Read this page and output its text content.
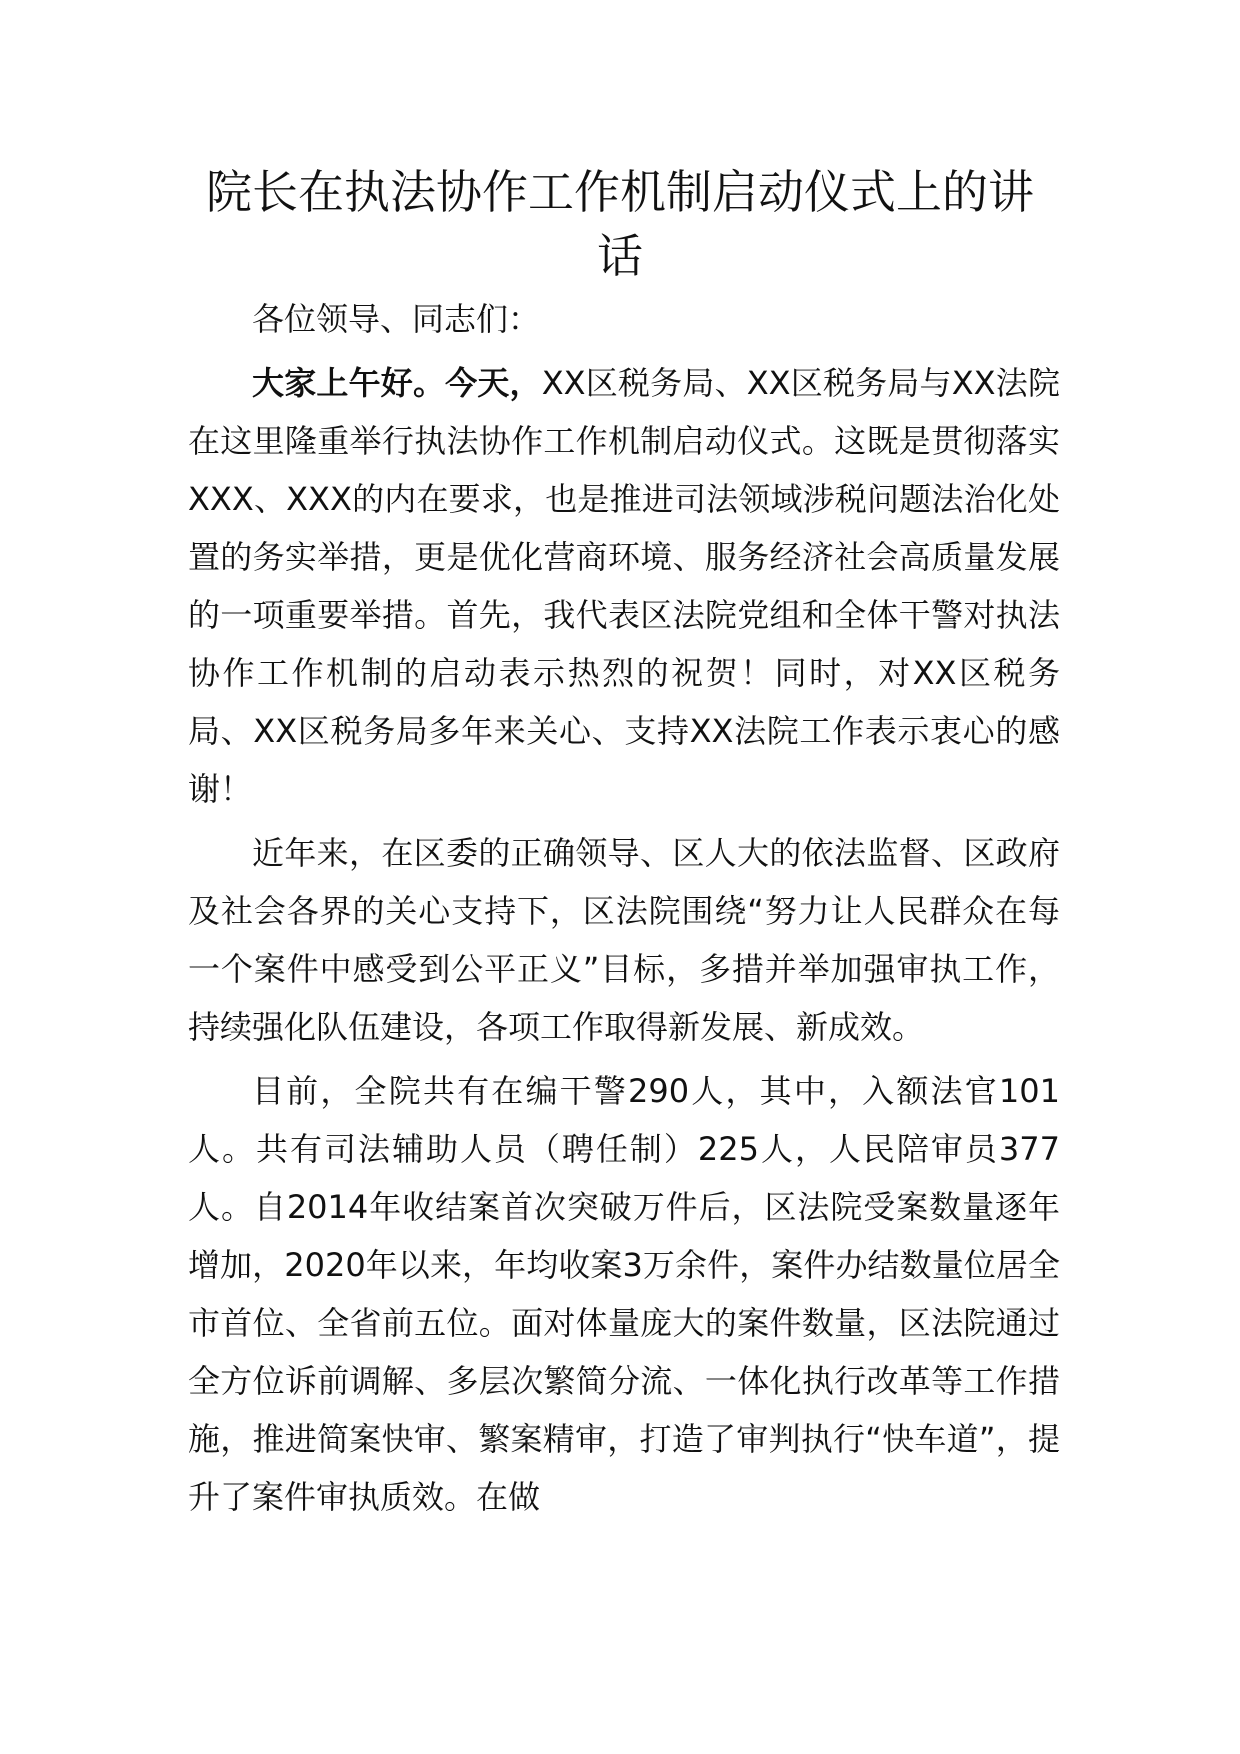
院长在执法协作工作机制启动仪式上的讲话

各位领导、同志们：

大家上午好。今天，XX区税务局、XX区税务局与XX法院在这里隆重举行执法协作工作机制启动仪式。这既是贯彻落实XXX、XXX的内在要求，也是推进司法领域涉税问题法治化处置的务实举措，更是优化营商环境、服务经济社会高质量发展的一项重要举措。首先，我代表区法院党组和全体干警对执法协作工作机制的启动表示热烈的祝贺！同时，对XX区税务局、XX区税务局多年来关心、支持XX法院工作表示衷心的感谢！

近年来，在区委的正确领导、区人大的依法监督、区政府及社会各界的关心支持下，区法院围绕“努力让人民群众在每一个案件中感受到公平正义”目标，多措并举加强审执工作，持续强化队伍建设，各项工作取得新发展、新成效。

目前，全院共有在编干警290人，其中，入额法官101人。共有司法辅助人员（聘任制）225人，人民陪审员377人。自2014年收结案首次突破万件后，区法院受案数量逐年增加，2020年以来，年均收案3万余件，案件办结数量位居全市首位、全省前五位。面对体量庞大的案件数量，区法院通过全方位诉前调解、多层次繁简分流、一体化执行改革等工作措施，推进简案快审、繁案精审，打造了审判执行“快车道”，提升了案件审执质效。在做
